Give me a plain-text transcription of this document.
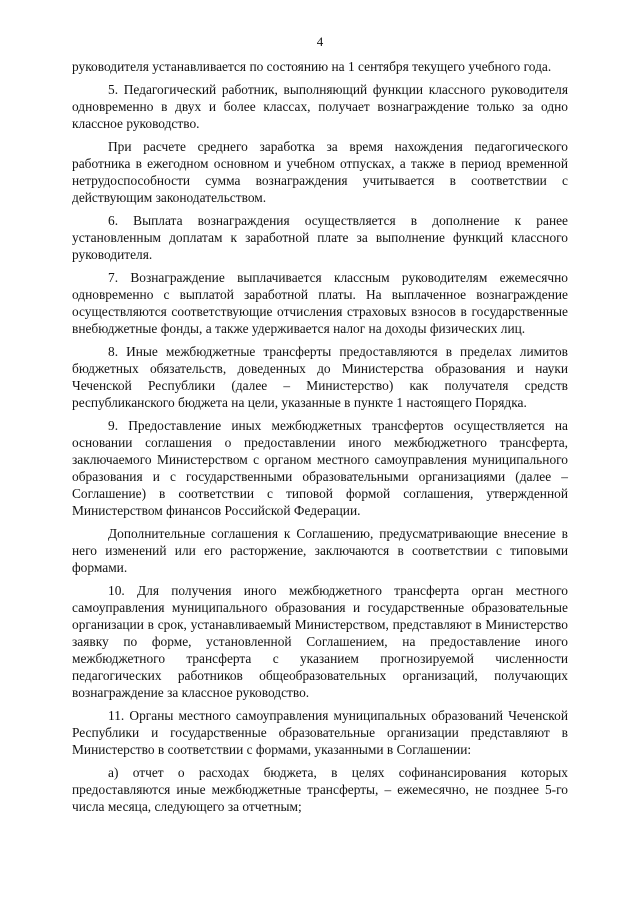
4

руководителя устанавливается по состоянию на 1 сентября текущего учебного года.

5. Педагогический работник, выполняющий функции классного руководителя одновременно в двух и более классах, получает вознаграждение только за одно классное руководство.

При расчете среднего заработка за время нахождения педагогического работника в ежегодном основном и учебном отпусках, а также в период временной нетрудоспособности сумма вознаграждения учитывается в соответствии с действующим законодательством.

6. Выплата вознаграждения осуществляется в дополнение к ранее установленным доплатам к заработной плате за выполнение функций классного руководителя.

7. Вознаграждение выплачивается классным руководителям ежемесячно одновременно с выплатой заработной платы. На выплаченное вознаграждение осуществляются соответствующие отчисления страховых взносов в государственные внебюджетные фонды, а также удерживается налог на доходы физических лиц.

8. Иные межбюджетные трансферты предоставляются в пределах лимитов бюджетных обязательств, доведенных до Министерства образования и науки Чеченской Республики (далее – Министерство) как получателя средств республиканского бюджета на цели, указанные в пункте 1 настоящего Порядка.

9. Предоставление иных межбюджетных трансфертов осуществляется на основании соглашения о предоставлении иного межбюджетного трансферта, заключаемого Министерством с органом местного самоуправления муниципального образования и с государственными образовательными организациями (далее – Соглашение) в соответствии с типовой формой соглашения, утвержденной Министерством финансов Российской Федерации.

Дополнительные соглашения к Соглашению, предусматривающие внесение в него изменений или его расторжение, заключаются в соответствии с типовыми формами.

10. Для получения иного межбюджетного трансферта орган местного самоуправления муниципального образования и государственные образовательные организации в срок, устанавливаемый Министерством, представляют в Министерство заявку по форме, установленной Соглашением, на предоставление иного межбюджетного трансферта с указанием прогнозируемой численности педагогических работников общеобразовательных организаций, получающих вознаграждение за классное руководство.

11. Органы местного самоуправления муниципальных образований Чеченской Республики и государственные образовательные организации представляют в Министерство в соответствии с формами, указанными в Соглашении:

а) отчет о расходах бюджета, в целях софинансирования которых предоставляются иные межбюджетные трансферты, – ежемесячно, не позднее 5-го числа месяца, следующего за отчетным;
